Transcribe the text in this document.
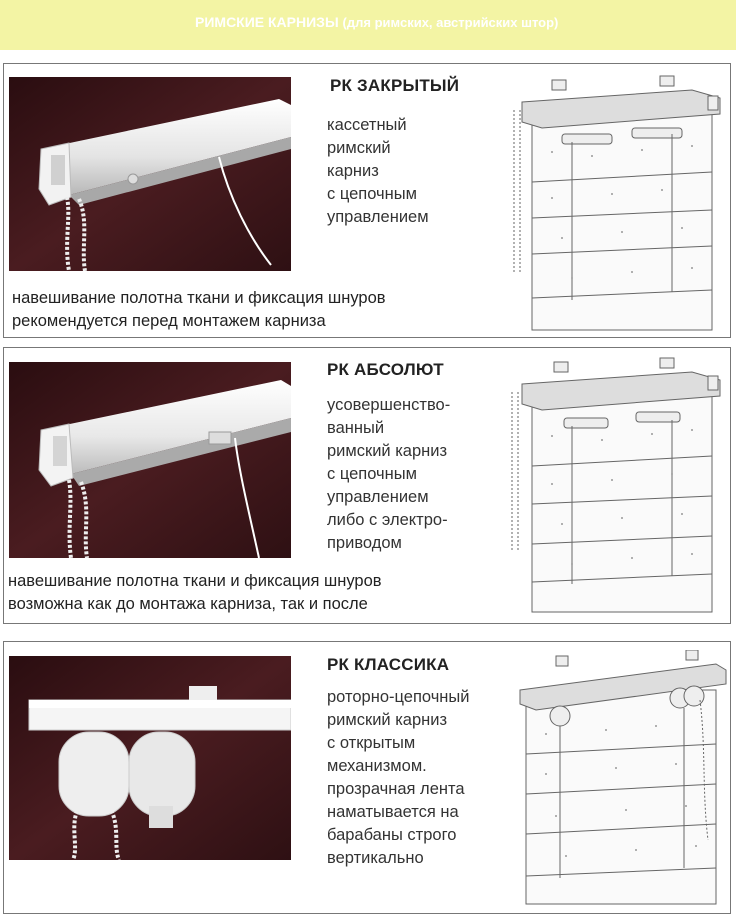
РИМСКИЕ КАРНИЗЫ (для римских, австрийских штор)
РК ЗАКРЫТЫЙ
кассетный
римский
карниз
с цепочным
управлением
навешивание полотна ткани и фиксация шнуров
рекомендуется перед монтажем карниза
РК АБСОЛЮТ
усовершенство-
ванный
римский карниз
с цепочным
управлением
либо с электро-
приводом
навешивание полотна ткани и фиксация шнуров
возможна как до монтажа карниза, так и после
РК КЛАССИКА
роторно-цепочный
римский карниз
с открытым
механизмом.
прозрачная лента
наматывается на
барабаны строго
вертикально
